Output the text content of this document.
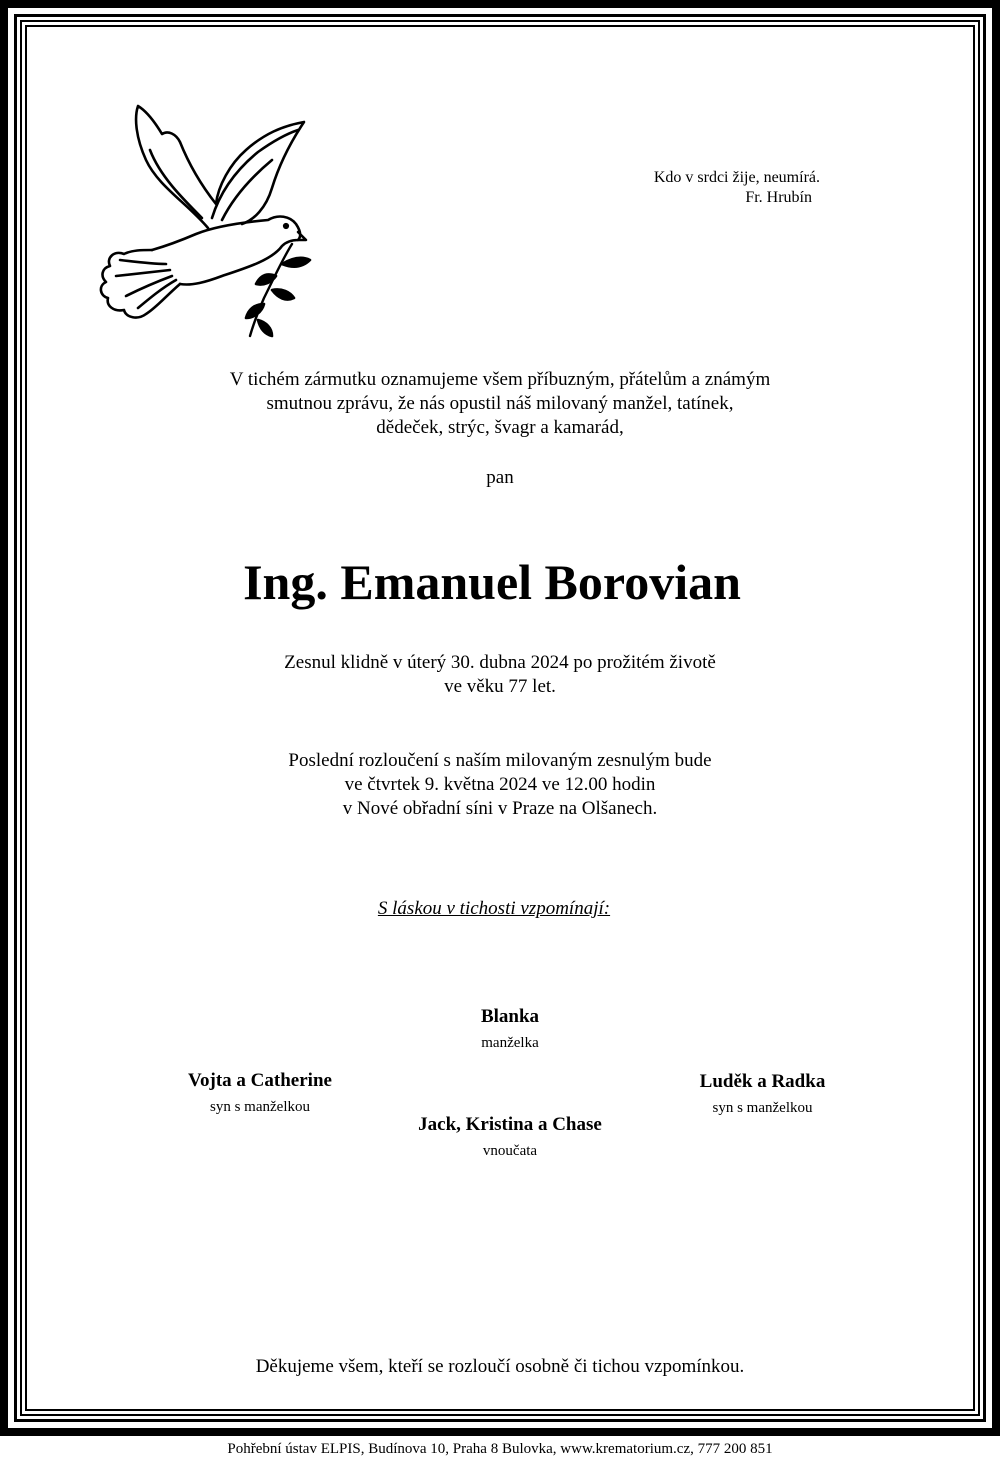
Kdo v srdci žije, neumírá.
Fr. Hrubín
V tichém zármutku oznamujeme všem příbuzným, přátelům a známým
smutnou zprávu, že nás opustil náš milovaný manžel, tatínek,
dědeček, strýc, švagr a kamarád,
pan
Ing. Emanuel Borovian
Zesnul klidně v úterý 30. dubna 2024 po prožitém životě
ve věku 77 let.
Poslední rozloučení s naším milovaným zesnulým bude
ve čtvrtek 9. května 2024 ve 12.00 hodin
v Nové obřadní síni v Praze na Olšanech.
S láskou v tichosti vzpomínají:
Blanka
manželka
Vojta a Catherine
syn s manželkou
Luděk a Radka
syn s manželkou
Jack, Kristina a Chase
vnoučata
Děkujeme všem, kteří se rozloučí osobně či tichou vzpomínkou.
Pohřební ústav ELPIS, Budínova 10, Praha 8 Bulovka, www.krematorium.cz, 777 200 851
